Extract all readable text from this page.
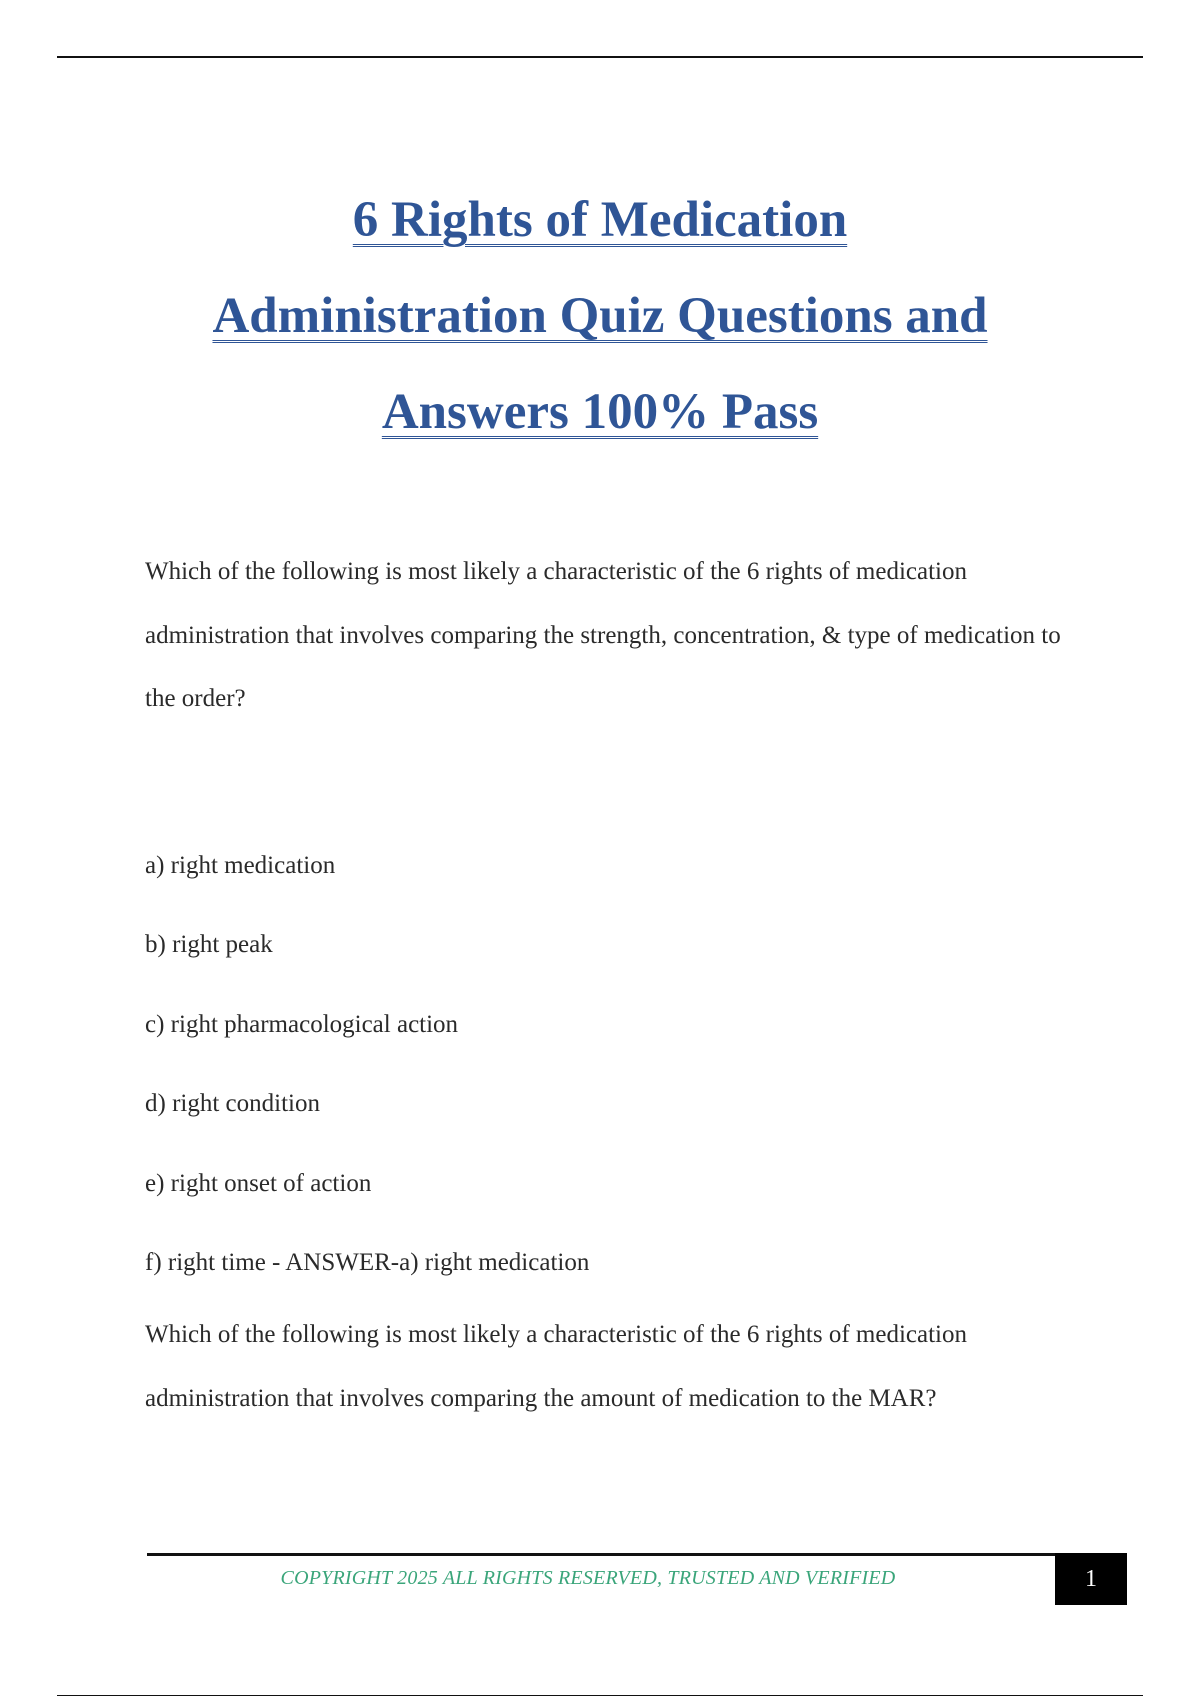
6 Rights of Medication
Administration Quiz Questions and
Answers 100% Pass

Which of the following is most likely a characteristic of the 6 rights of medication administration that involves comparing the strength, concentration, & type of medication to the order?

a) right medication

b) right peak

c) right pharmacological action

d) right condition

e) right onset of action

f) right time - ANSWER-a) right medication

Which of the following is most likely a characteristic of the 6 rights of medication administration that involves comparing the amount of medication to the MAR?

COPYRIGHT 2025 ALL RIGHTS RESERVED, TRUSTED AND VERIFIED	1
